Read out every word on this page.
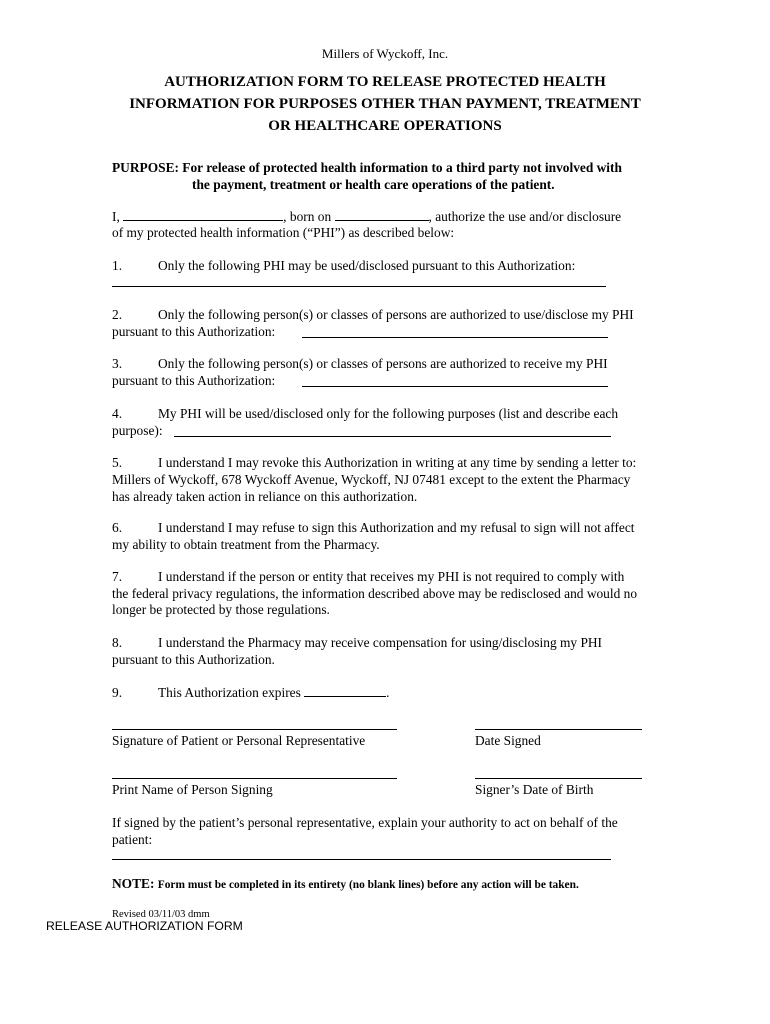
Millers of Wyckoff, Inc.
AUTHORIZATION FORM TO RELEASE PROTECTED HEALTH
INFORMATION FOR PURPOSES OTHER THAN PAYMENT, TREATMENT
OR HEALTHCARE OPERATIONS
PURPOSE: For release of protected health information to a third party not involved with
the payment, treatment or health care operations of the patient.
I,	, born on	, authorize the use and/or disclosure
of my protected health information (“PHI”) as described below:
1.	Only the following PHI may be used/disclosed pursuant to this Authorization:
2.	Only the following person(s) or classes of persons are authorized to use/disclose my PHI
pursuant to this Authorization:
3.	Only the following person(s) or classes of persons are authorized to receive my PHI
pursuant to this Authorization:
4.	My PHI will be used/disclosed only for the following purposes (list and describe each
purpose):
5.	I understand I may revoke this Authorization in writing at any time by sending a letter to:
Millers of Wyckoff, 678 Wyckoff Avenue, Wyckoff, NJ 07481 except to the extent the Pharmacy
has already taken action in reliance on this authorization.
6.	I understand I may refuse to sign this Authorization and my refusal to sign will not affect
my ability to obtain treatment from the Pharmacy.
7.	I understand if the person or entity that receives my PHI is not required to comply with
the federal privacy regulations, the information described above may be redisclosed and would no
longer be protected by those regulations.
8.	I understand the Pharmacy may receive compensation for using/disclosing my PHI
pursuant to this Authorization.
9.	This Authorization expires	.
Signature of Patient or Personal Representative	Date Signed
Print Name of Person Signing	Signer’s Date of Birth
If signed by the patient’s personal representative, explain your authority to act on behalf of the
patient:
NOTE: Form must be completed in its entirety (no blank lines) before any action will be taken.
Revised 03/11/03 dmm
RELEASE AUTHORIZATION FORM
